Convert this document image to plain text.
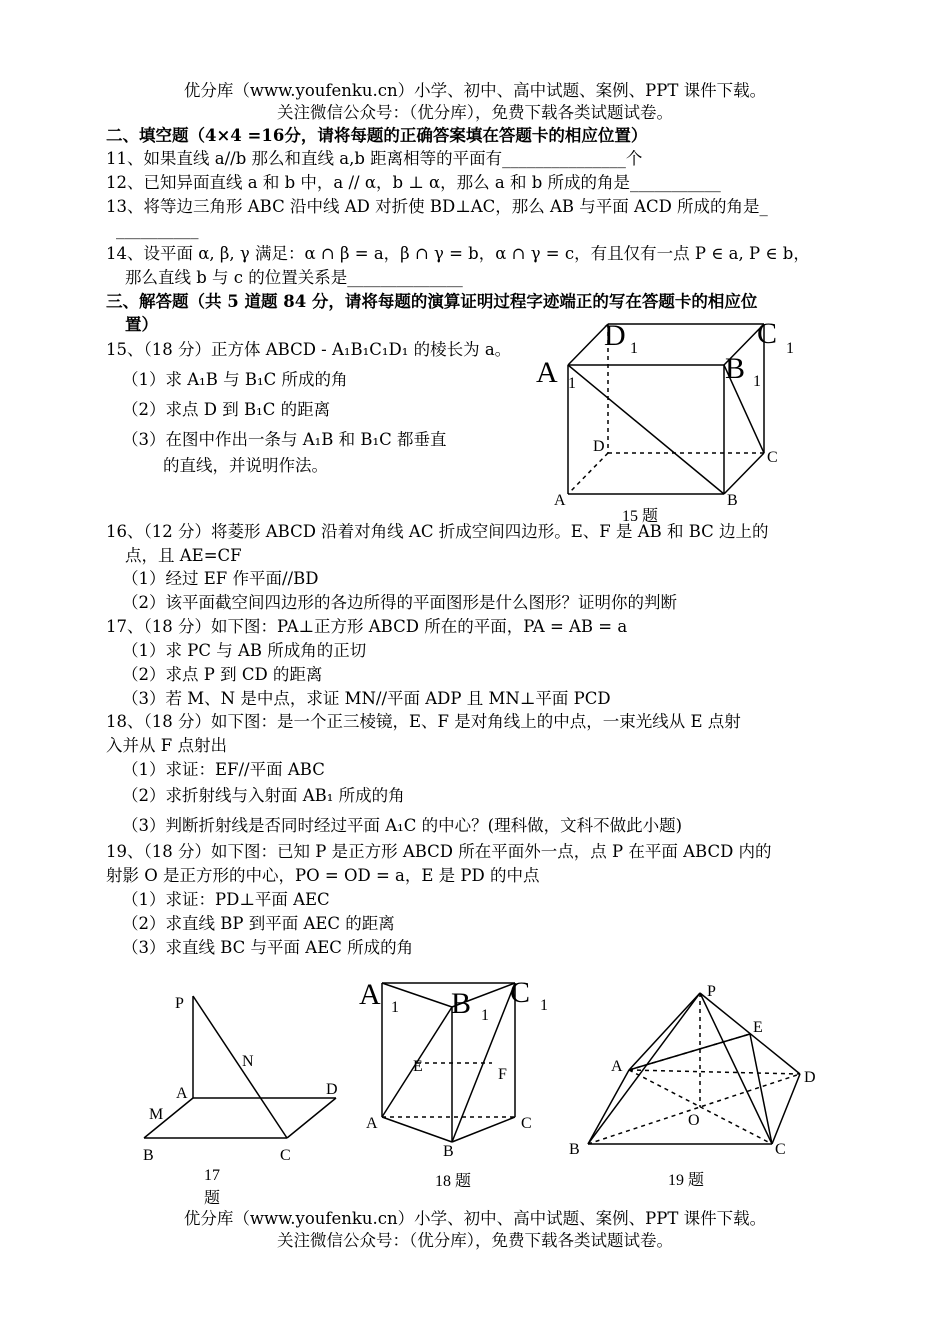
优分库（www.youfenku.cn）小学、初中、高中试题、案例、PPT 课件下载。
关注微信公众号：（优分库），免费下载各类试题试卷。
二、填空题（4×4 =16分，请将每题的正确答案填在答题卡的相应位置）
11、如果直线 a//b 那么和直线 a,b 距离相等的平面有_______________个
12、已知异面直线 a 和 b 中，a // α，b ⊥ α，那么 a 和 b 所成的角是___________
13、将等边三角形 ABC 沿中线 AD 对折使 BD⊥AC，那么 AB 与平面 ACD 所成的角是_
__________
14、设平面 α, β, γ 满足：α ∩ β = a，β ∩ γ = b，α ∩ γ = c，有且仅有一点 P ∈ a, P ∈ b，
那么直线 b 与 c 的位置关系是______________
三、解答题（共 5 道题 84 分，请将每题的演算证明过程字迹端正的写在答题卡的相应位
置）
15、（18 分）正方体 ABCD - A₁B₁C₁D₁ 的棱长为 a。
（1）求 A₁B 与 B₁C 所成的角
（2）求点 D 到 B₁C 的距离
（3）在图中作出一条与 A₁B 和 B₁C 都垂直
的直线，并说明作法。
16、（12 分）将菱形 ABCD 沿着对角线 AC 折成空间四边形。E、F 是 AB 和 BC 边上的
点，且 AE=CF
（1）经过 EF 作平面//BD
（2）该平面截空间四边形的各边所得的平面图形是什么图形？证明你的判断
17、（18 分）如下图：PA⊥正方形 ABCD 所在的平面，PA = AB = a
（1）求 PC 与 AB 所成角的正切
（2）求点 P 到 CD 的距离
（3）若 M、N 是中点，求证 MN//平面 ADP 且 MN⊥平面 PCD
18、（18 分）如下图：是一个正三棱镜，E、F 是对角线上的中点，一束光线从 E 点射
入并从 F 点射出
（1）求证：EF//平面 ABC
（2）求折射线与入射面 AB₁ 所成的角
（3）判断折射线是否同时经过平面 A₁C 的中心？(理科做，文科不做此小题)
19、（18 分）如下图：已知 P 是正方形 ABCD 所在平面外一点，点 P 在平面 ABCD 内的
射影 O 是正方形的中心，PO = OD = a，E 是 PD 的中点
（1）求证：PD⊥平面 AEC
（2）求直线 BP 到平面 AEC 的距离
（3）求直线 BC 与平面 AEC 所成的角
D 1	C 1
A 1	B 1
D
C
A	B
15 题
P
N
A	D
M
B	C
17
题
A 1 B 1
C 1
E	F
A
B
C
18 题
P
E
A
D
O
B	C
19 题
优分库（www.youfenku.cn）小学、初中、高中试题、案例、PPT 课件下载。
关注微信公众号：（优分库），免费下载各类试题试卷。
